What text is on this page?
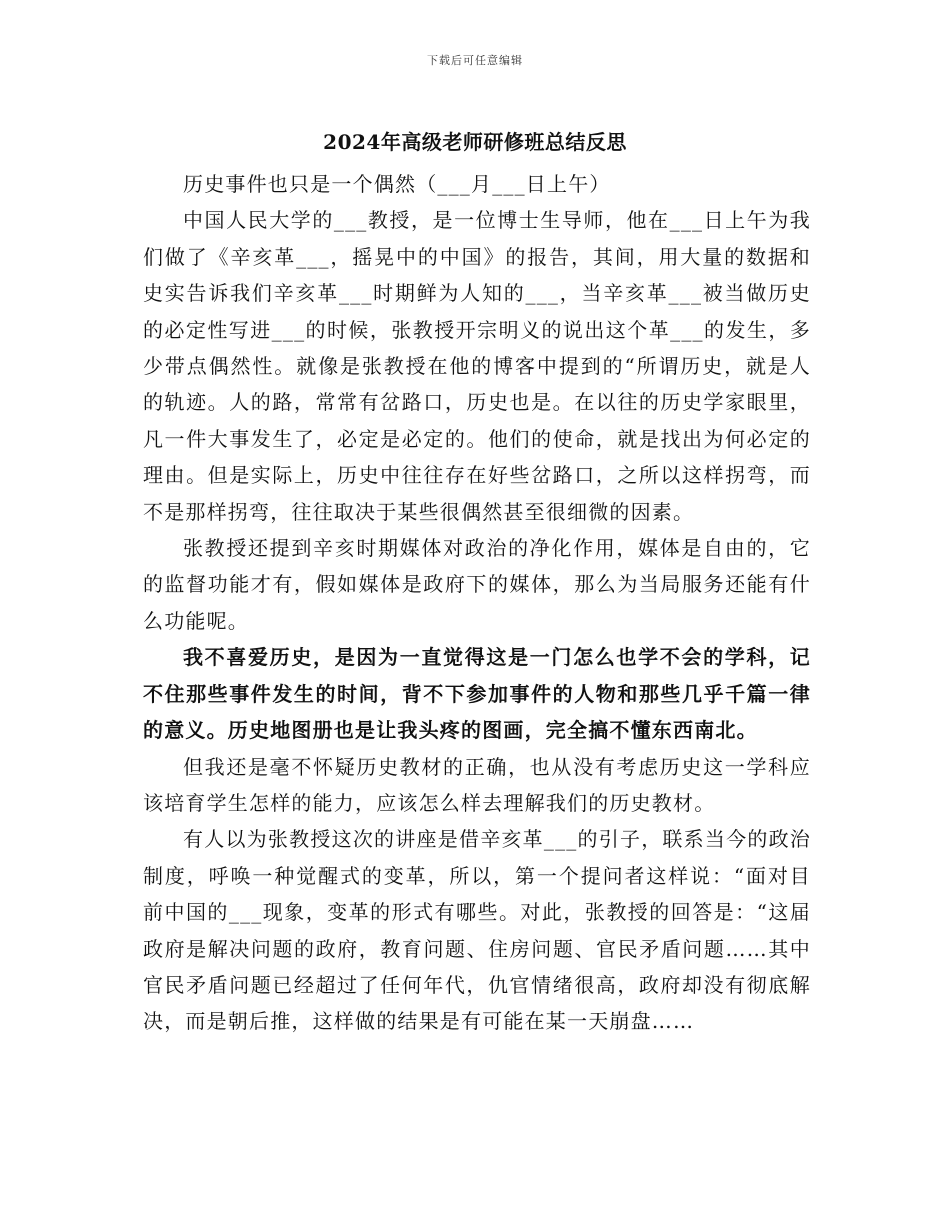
下载后可任意编辑
2024年高级老师研修班总结反思

历史事件也只是一个偶然（___月___日上午）

中国人民大学的___教授，是一位博士生导师，他在___日上午为我们做了《辛亥革___，摇晃中的中国》的报告，其间，用大量的数据和史实告诉我们辛亥革___时期鲜为人知的___，当辛亥革___被当做历史的必定性写进___的时候，张教授开宗明义的说出这个革___的发生，多少带点偶然性。就像是张教授在他的博客中提到的“所谓历史，就是人的轨迹。人的路，常常有岔路口，历史也是。在以往的历史学家眼里，凡一件大事发生了，必定是必定的。他们的使命，就是找出为何必定的理由。但是实际上，历史中往往存在好些岔路口，之所以这样拐弯，而不是那样拐弯，往往取决于某些很偶然甚至很细微的因素。

张教授还提到辛亥时期媒体对政治的净化作用，媒体是自由的，它的监督功能才有，假如媒体是政府下的媒体，那么为当局服务还能有什么功能呢。

我不喜爱历史，是因为一直觉得这是一门怎么也学不会的学科，记不住那些事件发生的时间，背不下参加事件的人物和那些几乎千篇一律的意义。历史地图册也是让我头疼的图画，完全搞不懂东西南北。

但我还是毫不怀疑历史教材的正确，也从没有考虑历史这一学科应该培育学生怎样的能力，应该怎么样去理解我们的历史教材。

有人以为张教授这次的讲座是借辛亥革___的引子，联系当今的政治制度，呼唤一种觉醒式的变革，所以，第一个提问者这样说：“面对目前中国的___现象，变革的形式有哪些。对此，张教授的回答是：“这届政府是解决问题的政府，教育问题、住房问题、官民矛盾问题……其中官民矛盾问题已经超过了任何年代，仇官情绪很高，政府却没有彻底解决，而是朝后推，这样做的结果是有可能在某一天崩盘……
